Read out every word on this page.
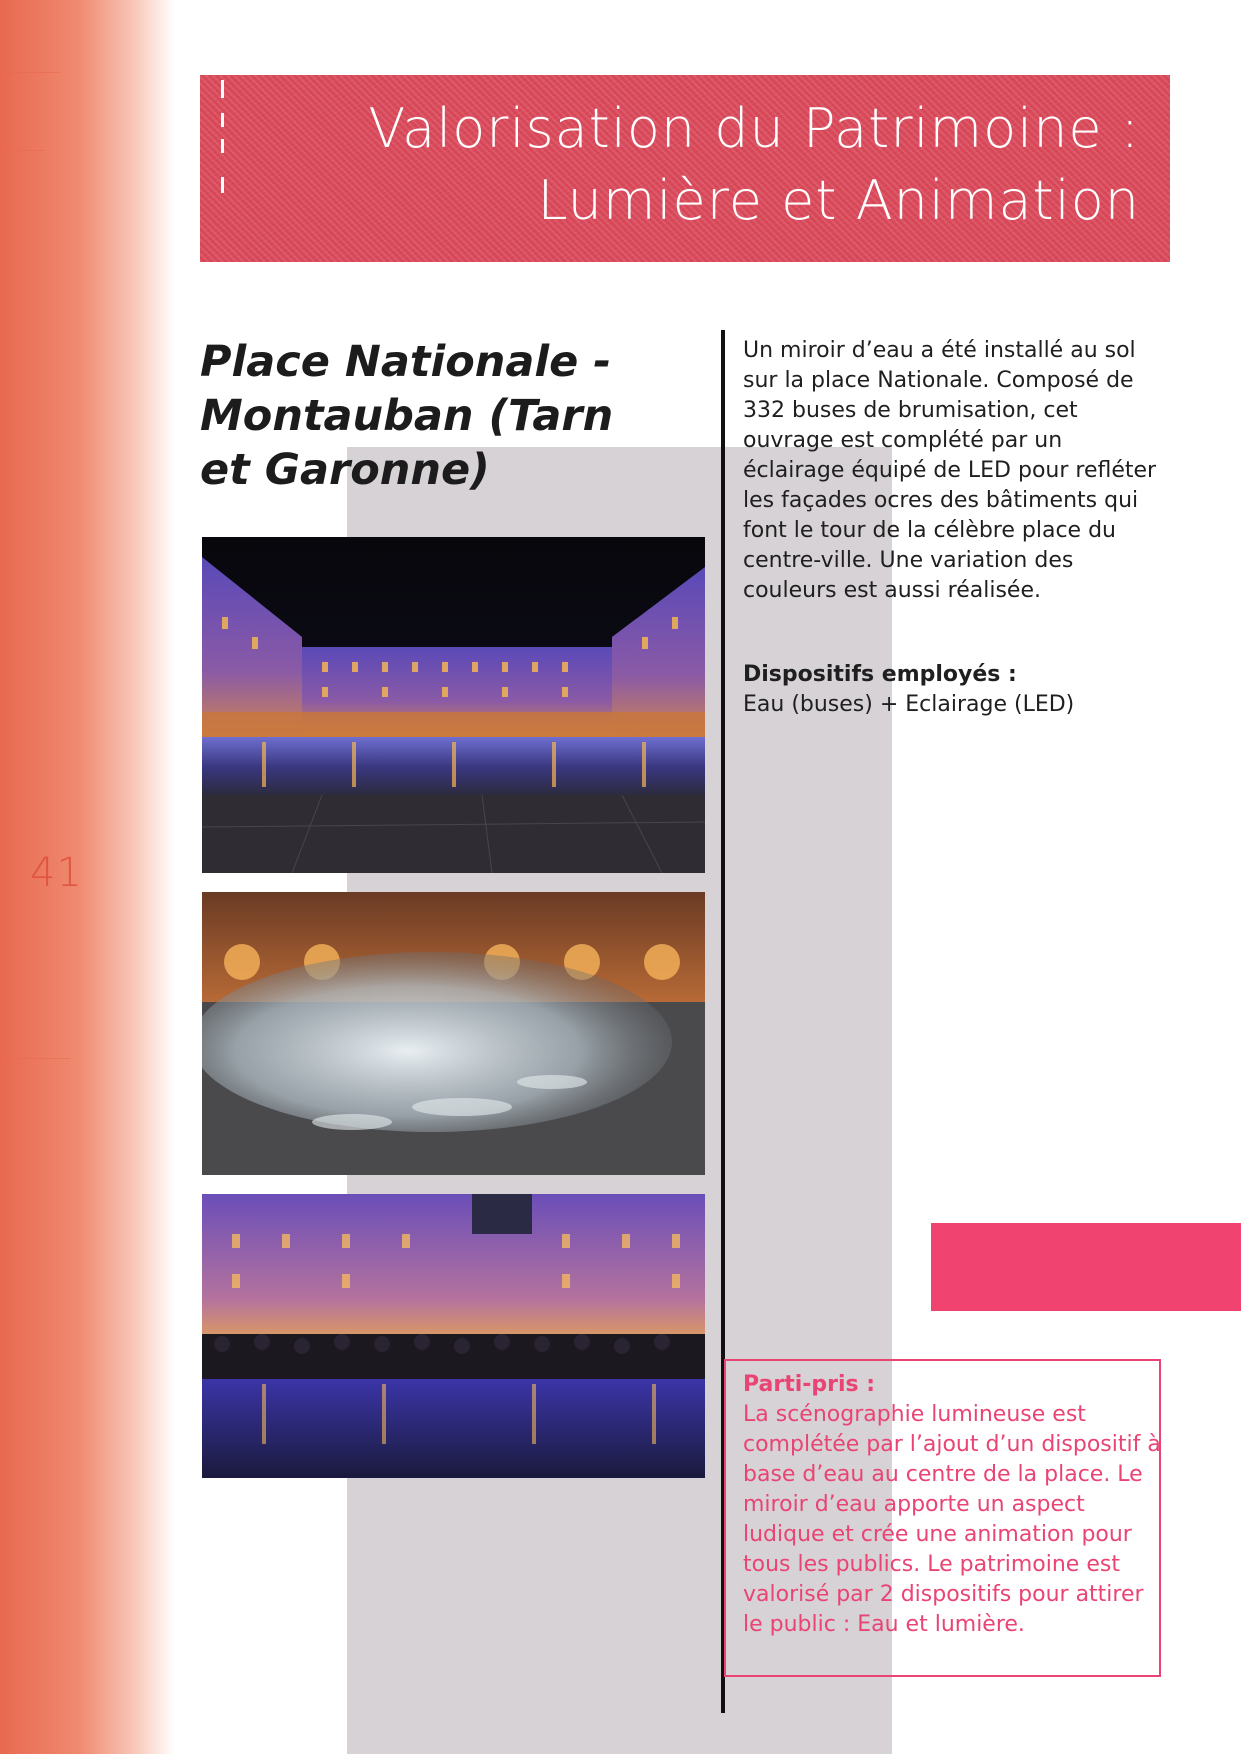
41
Valorisation du Patrimoine :
Lumière et Animation
Place Nationale - Montauban (Tarn et Garonne)

Un miroir d’eau a été installé au sol sur la place Nationale. Composé de 332 buses de brumisation, cet ouvrage est complété par un éclairage équipé de LED pour refléter les façades ocres des bâtiments qui font le tour de la célèbre place du centre-ville. Une variation des couleurs est aussi réalisée.

Dispositifs employés :
Eau (buses) + Eclairage (LED)
Parti-pris :
La scénographie lumineuse est complétée par l’ajout d’un dispositif à base d’eau au centre de la place. Le miroir d’eau apporte un aspect ludique et crée une animation pour tous les publics. Le patrimoine est valorisé par 2 dispositifs pour attirer le public : Eau et lumière.
